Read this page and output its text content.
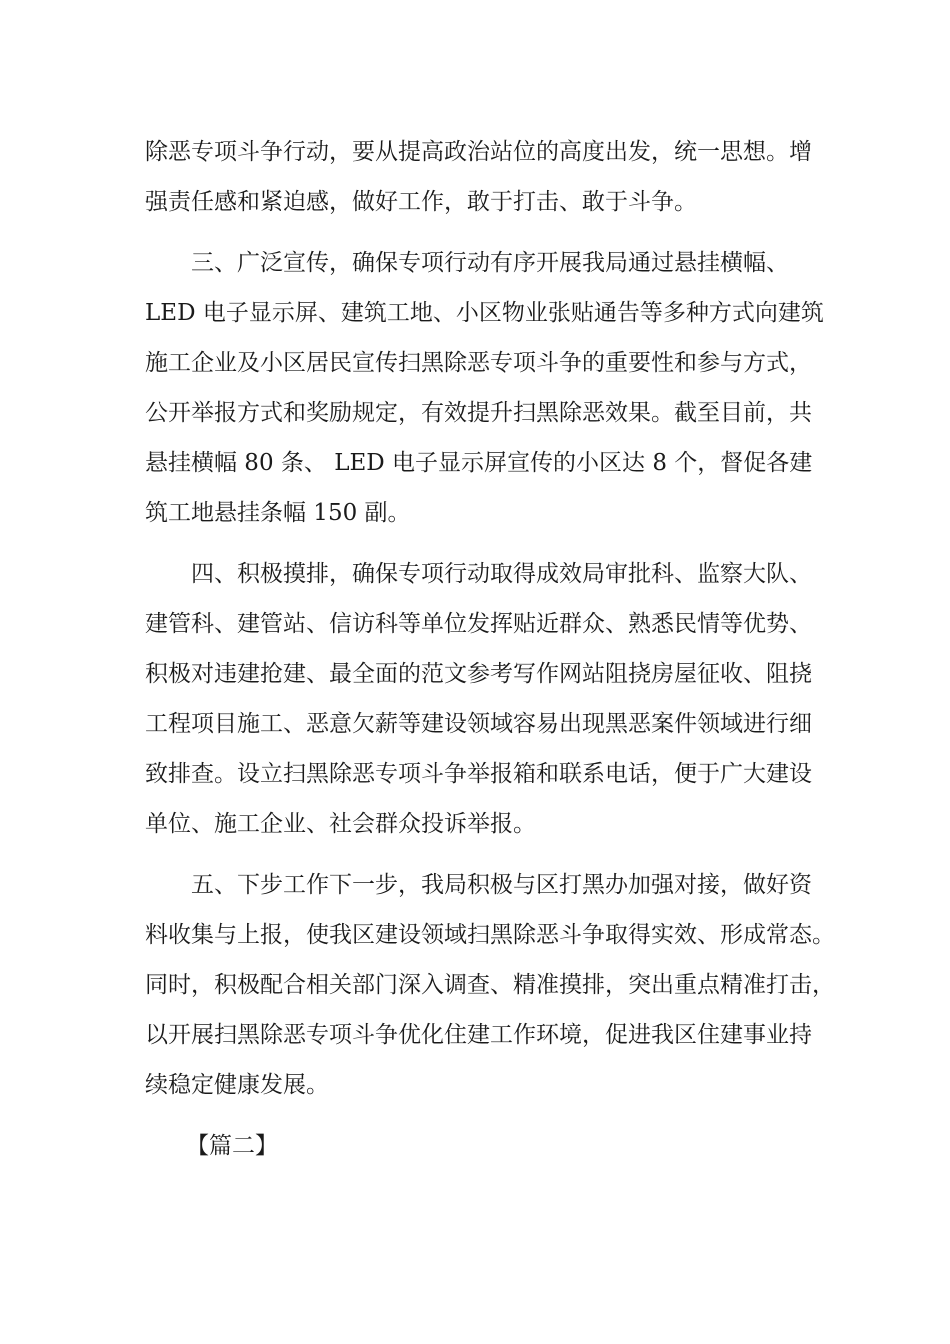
除恶专项斗争行动，要从提高政治站位的高度出发，统一思想。增
强责任感和紧迫感，做好工作，敢于打击、敢于斗争。
三、广泛宣传，确保专项行动有序开展我局通过悬挂横幅、
LED 电子显示屏、建筑工地、小区物业张贴通告等多种方式向建筑
施工企业及小区居民宣传扫黑除恶专项斗争的重要性和参与方式，
公开举报方式和奖励规定，有效提升扫黑除恶效果。截至目前，共
悬挂横幅 80 条、 LED 电子显示屏宣传的小区达 8 个，督促各建
筑工地悬挂条幅 150 副。
四、积极摸排，确保专项行动取得成效局审批科、监察大队、
建管科、建管站、信访科等单位发挥贴近群众、熟悉民情等优势、
积极对违建抢建、最全面的范文参考写作网站阻挠房屋征收、阻挠
工程项目施工、恶意欠薪等建设领域容易出现黑恶案件领域进行细
致排查。设立扫黑除恶专项斗争举报箱和联系电话，便于广大建设
单位、施工企业、社会群众投诉举报。
五、下步工作下一步，我局积极与区打黑办加强对接，做好资
料收集与上报，使我区建设领域扫黑除恶斗争取得实效、形成常态。
同时，积极配合相关部门深入调查、精准摸排，突出重点精准打击，
以开展扫黑除恶专项斗争优化住建工作环境，促进我区住建事业持
续稳定健康发展。
【篇二】
